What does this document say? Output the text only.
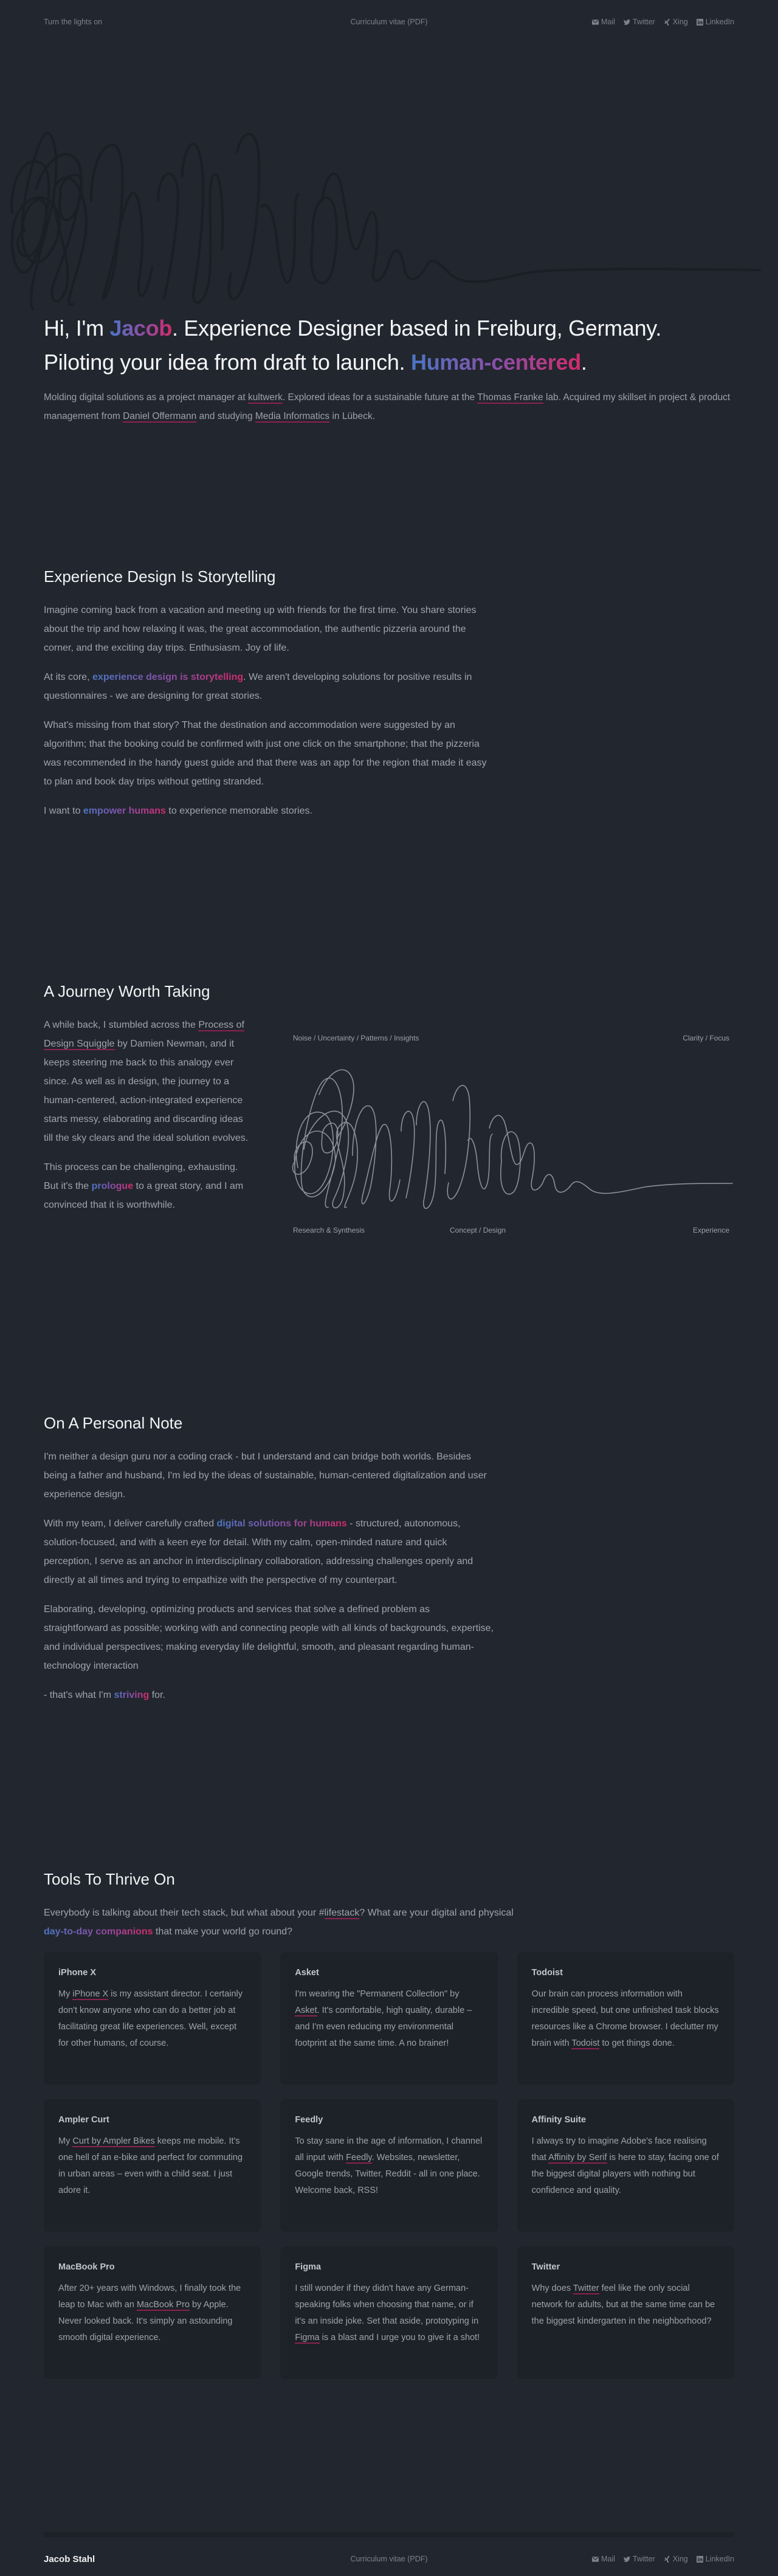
Turn the lights on	Curriculum vitae (PDF)	Mail Twitter Xing LinkedIn
Hi, I'm Jacob. Experience Designer based in Freiburg, Germany.
Piloting your idea from draft to launch. Human-centered.

Molding digital solutions as a project manager at kultwerk. Explored ideas for a sustainable future at the Thomas Franke lab. Acquired my skillset in project & product management from Daniel Offermann and studying Media Informatics in Lübeck.

Experience Design Is Storytelling

Imagine coming back from a vacation and meeting up with friends for the first time. You share stories about the trip and how relaxing it was, the great accommodation, the authentic pizzeria around the corner, and the exciting day trips. Enthusiasm. Joy of life.

At its core, experience design is storytelling. We aren't developing solutions for positive results in questionnaires - we are designing for great stories.

What's missing from that story? That the destination and accommodation were suggested by an algorithm; that the booking could be confirmed with just one click on the smartphone; that the pizzeria was recommended in the handy guest guide and that there was an app for the region that made it easy to plan and book day trips without getting stranded.

I want to empower humans to experience memorable stories.

A Journey Worth Taking

A while back, I stumbled across the Process of Design Squiggle by Damien Newman, and it keeps steering me back to this analogy ever since. As well as in design, the journey to a human-centered, action-integrated experience starts messy, elaborating and discarding ideas till the sky clears and the ideal solution evolves.

This process can be challenging, exhausting. But it's the prologue to a great story, and I am convinced that it is worthwhile.

Noise / Uncertainty / Patterns / Insights	Clarity / Focus
Research & Synthesis	Concept / Design	Experience
On A Personal Note

I'm neither a design guru nor a coding crack - but I understand and can bridge both worlds. Besides being a father and husband, I'm led by the ideas of sustainable, human-centered digitalization and user experience design.

With my team, I deliver carefully crafted digital solutions for humans - structured, autonomous, solution-focused, and with a keen eye for detail. With my calm, open-minded nature and quick perception, I serve as an anchor in interdisciplinary collaboration, addressing challenges openly and directly at all times and trying to empathize with the perspective of my counterpart.

Elaborating, developing, optimizing products and services that solve a defined problem as straightforward as possible; working with and connecting people with all kinds of backgrounds, expertise, and individual perspectives; making everyday life delightful, smooth, and pleasant regarding human-technology interaction

- that's what I'm striving for.

Tools To Thrive On

Everybody is talking about their tech stack, but what about your #lifestack? What are your digital and physical day-to-day companions that make your world go round?

iPhone X

My iPhone X is my assistant director. I certainly don't know anyone who can do a better job at facilitating great life experiences. Well, except for other humans, of course.

Asket

I'm wearing the "Permanent Collection" by Asket. It's comfortable, high quality, durable – and I'm even reducing my environmental footprint at the same time. A no brainer!

Todoist

Our brain can process information with incredible speed, but one unfinished task blocks resources like a Chrome browser. I declutter my brain with Todoist to get things done.

Ampler Curt

My Curt by Ampler Bikes keeps me mobile. It's one hell of an e-bike and perfect for commuting in urban areas – even with a child seat. I just adore it.

Feedly

To stay sane in the age of information, I channel all input with Feedly. Websites, newsletter, Google trends, Twitter, Reddit - all in one place. Welcome back, RSS!

Affinity Suite

I always try to imagine Adobe's face realising that Affinity by Serif is here to stay, facing one of the biggest digital players with nothing but confidence and quality.

MacBook Pro

After 20+ years with Windows, I finally took the leap to Mac with an MacBook Pro by Apple. Never looked back. It's simply an astounding smooth digital experience.

Figma

I still wonder if they didn't have any German-speaking folks when choosing that name, or if it's an inside joke. Set that aside, prototyping in Figma is a blast and I urge you to give it a shot!

Twitter

Why does Twitter feel like the only social network for adults, but at the same time can be the biggest kindergarten in the neighborhood?

Jacob Stahl	Curriculum vitae (PDF)	Mail Twitter Xing LinkedIn
